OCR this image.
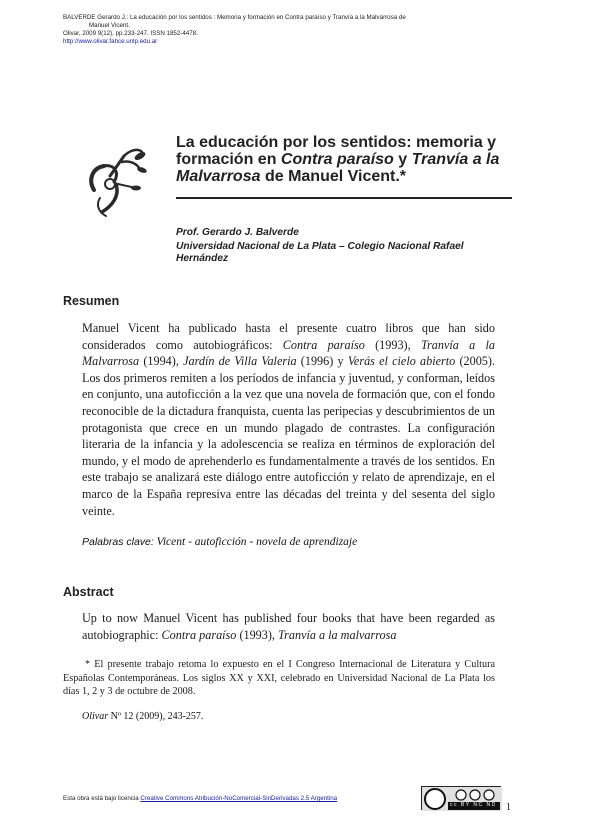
BALVERDE Gerardo J.: La educación por los sentidos : Memoria y formación en Contra paraíso y Tranvía a la Malvarrosa de
Manuel Vicent.
Olivar, 2009 9(12), pp.233-247. ISSN 1852-4478.
http://www.olivar.fahce.unlp.edu.ar
La educación por los sentidos: memoria y formación en Contra paraíso y Tranvía a la Malvarrosa de Manuel Vicent.*
Prof. Gerardo J. Balverde
Universidad Nacional de La Plata – Colegio Nacional Rafael Hernández
Resumen
Manuel Vicent ha publicado hasta el presente cuatro libros que han sido considerados como autobiográficos: Contra paraíso (1993), Tranvía a la Malvarrosa (1994), Jardín de Villa Valeria (1996) y Verás el cielo abierto (2005). Los dos primeros remiten a los períodos de infancia y juventud, y conforman, leídos en conjunto, una autoficción a la vez que una novela de formación que, con el fondo reconocible de la dictadura franquista, cuenta las peripecias y descubrimientos de un protagonista que crece en un mundo plagado de contrastes. La configuración literaria de la infancia y la adolescencia se realiza en términos de exploración del mundo, y el modo de aprehenderlo es fundamentalmente a través de los sentidos. En este trabajo se analizará este diálogo entre autoficción y relato de aprendizaje, en el marco de la España represiva entre las décadas del treinta y del sesenta del siglo veinte.
Palabras clave: Vicent - autoficción - novela de aprendizaje
Abstract
Up to now Manuel Vicent has published four books that have been regarded as autobiographic: Contra paraíso (1993), Tranvía a la malvarrosa
* El presente trabajo retoma lo expuesto en el I Congreso Internacional de Literatura y Cultura Españolas Contemporáneas. Los siglos XX y XXI, celebrado en Universidad Nacional de La Plata los días 1, 2 y 3 de octubre de 2008.
Olivar Nº 12 (2009), 243-257.
Esta obra está bajo licencia Creative Commons Atribución-NoComercial-SinDerivadas 2.5 Argentina
cc BY NC ND 1
